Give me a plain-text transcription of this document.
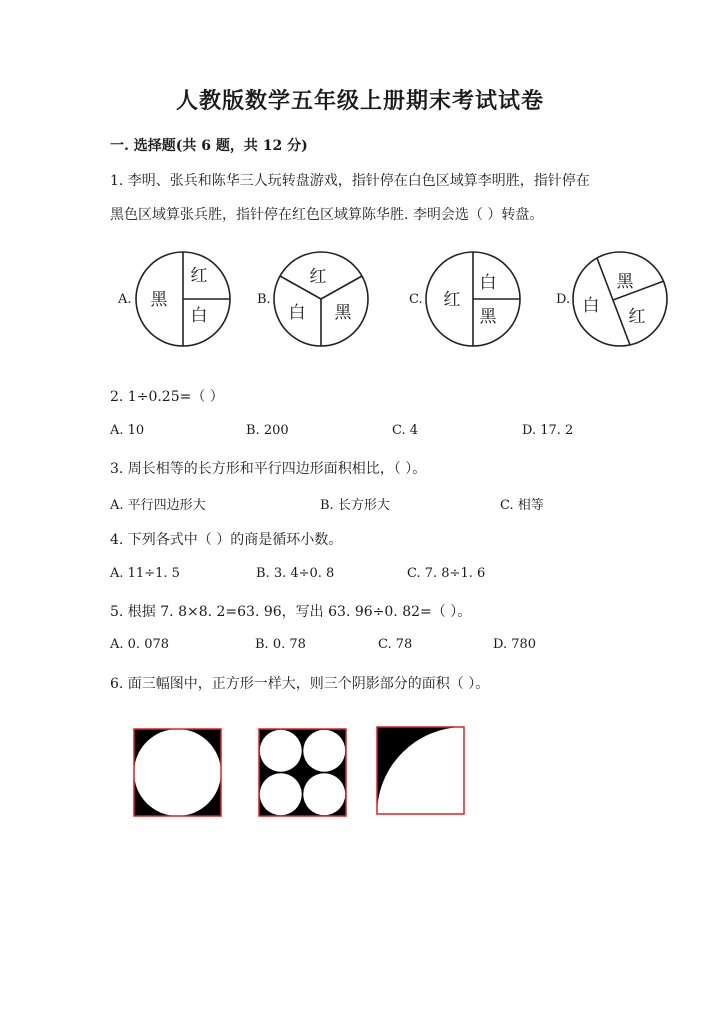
人教版数学五年级上册期末考试试卷
一. 选择题(共 6 题，共 12 分)
1. 李明、张兵和陈华三人玩转盘游戏，指针停在白色区域算李明胜，指针停在
黑色区域算张兵胜，指针停在红色区域算陈华胜. 李明会选（ ）转盘。
A.	B.	C.	D.
黑
红
白
红
白 黑
红
白
黑
黑
白
红
2. 1÷0.25=（ ）
A. 10	B. 200	C. 4	D. 17. 2
3. 周长相等的长方形和平行四边形面积相比，（ ）。
A. 平行四边形大	B. 长方形大	C. 相等
4. 下列各式中（ ）的商是循环小数。
A. 11÷1. 5	B. 3. 4÷0. 8	C. 7. 8÷1. 6
5. 根据 7. 8×8. 2=63. 96，写出 63. 96÷0. 82=（ ）。
A. 0. 078	B. 0. 78	C. 78	D. 780
6. 面三幅图中，正方形一样大，则三个阴影部分的面积（ ）。
